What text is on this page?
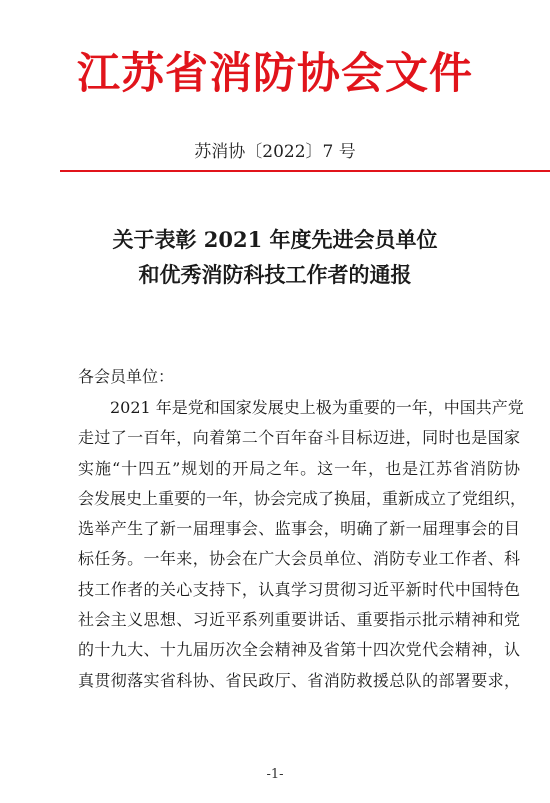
江苏省消防协会文件
苏消协〔2022〕7 号
关于表彰 2021 年度先进会员单位
和优秀消防科技工作者的通报
各会员单位：
2021 年是党和国家发展史上极为重要的一年，中国共产党
走过了一百年，向着第二个百年奋斗目标迈进，同时也是国家
实施“十四五”规划的开局之年。这一年，也是江苏省消防协
会发展史上重要的一年，协会完成了换届，重新成立了党组织，
选举产生了新一届理事会、监事会，明确了新一届理事会的目
标任务。一年来，协会在广大会员单位、消防专业工作者、科
技工作者的关心支持下，认真学习贯彻习近平新时代中国特色
社会主义思想、习近平系列重要讲话、重要指示批示精神和党
的十九大、十九届历次全会精神及省第十四次党代会精神，认
真贯彻落实省科协、省民政厅、省消防救援总队的部署要求，
-1-
